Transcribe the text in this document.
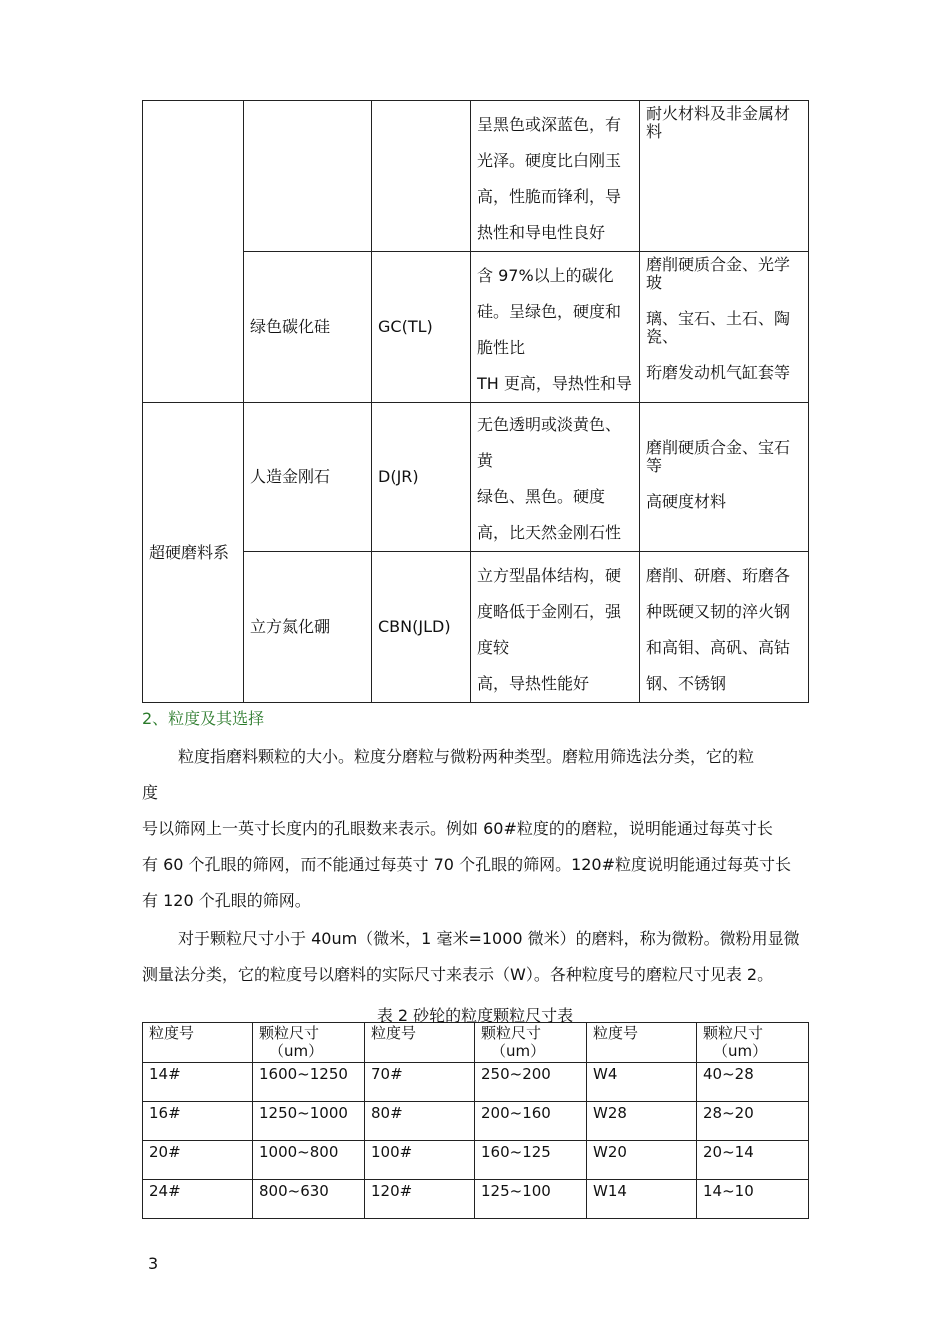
			呈黑色或深蓝色，有
光泽。硬度比白刚玉
高，性脆而锋利，导
热性和导电性良好	耐火材料及非金属材
料

	绿色碳化硅	GC(TL)	含 97%以上的碳化
硅。呈绿色，硬度和
脆性比
TH 更高，导热性和导	磨削硬质合金、光学
玻
璃、宝石、土石、陶
瓷、
珩磨发动机气缸套等

超硬磨料系	人造金刚石	D(JR)	无色透明或淡黄色、
黄
绿色、黑色。硬度
高，比天然金刚石性	磨削硬质合金、宝石
等
高硬度材料

	立方氮化硼	CBN(JLD)	立方型晶体结构，硬
度略低于金刚石，强
度较
高，导热性能好	磨削、研磨、珩磨各
种既硬又韧的淬火钢
和高钼、高矾、高钴
钢、不锈钢
2、粒度及其选择
粒度指磨料颗粒的大小。粒度分磨粒与微粉两种类型。磨粒用筛选法分类，它的粒
度
号以筛网上一英寸长度内的孔眼数来表示。例如 60#粒度的的磨粒，说明能通过每英寸长
有 60 个孔眼的筛网，而不能通过每英寸 70 个孔眼的筛网。120#粒度说明能通过每英寸长
有 120 个孔眼的筛网。
对于颗粒尺寸小于 40um（微米，1 毫米=1000 微米）的磨料，称为微粉。微粉用显微
测量法分类，它的粒度号以磨料的实际尺寸来表示（W）。各种粒度号的磨粒尺寸见表 2。
表 2 砂轮的粒度颗粒尺寸表
粒度号	颗粒尺寸
（um）	粒度号	颗粒尺寸
（um）	粒度号	颗粒尺寸
（um）

14#	1600~1250	70#	250~200	W4	40~28
16#	1250~1000	80#	200~160	W28	28~20
20#	1000~800	100#	160~125	W20	20~14
24#	800~630	120#	125~100	W14	14~10
3
